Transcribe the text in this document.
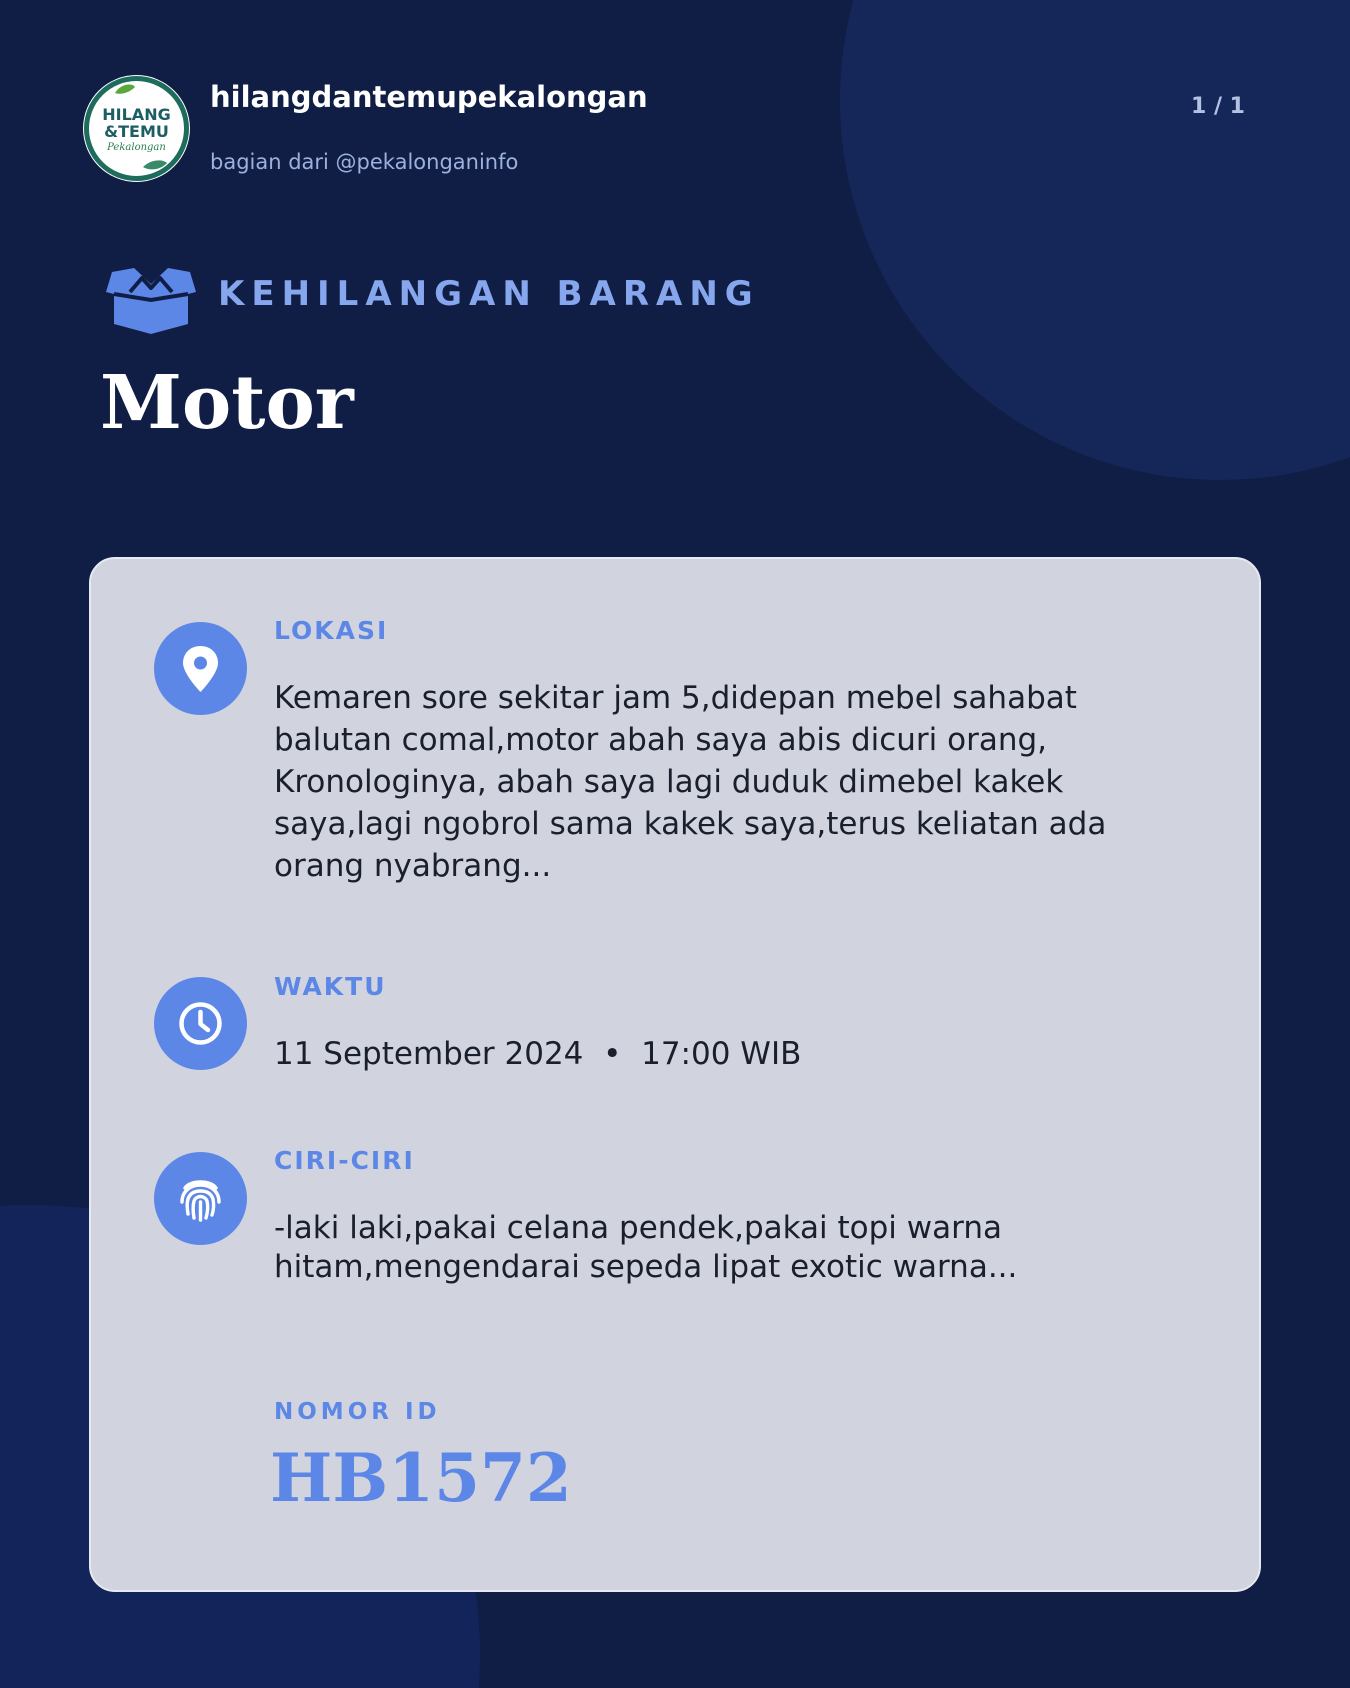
HILANG
&TEMU
Pekalongan
hilangdantemupekalongan
bagian dari @pekalonganinfo
1 / 1
KEHILANGAN BARANG
Motor
LOKASI
Kemaren sore sekitar jam 5,didepan mebel sahabat balutan comal,motor abah saya abis dicuri orang, Kronologinya, abah saya lagi duduk dimebel kakek saya,lagi ngobrol sama kakek saya,terus keliatan ada orang nyabrang...
WAKTU
11 September 2024  •  17:00 WIB
CIRI-CIRI
-laki laki,pakai celana pendek,pakai topi warna hitam,mengendarai sepeda lipat exotic warna...
NOMOR ID
HB1572
